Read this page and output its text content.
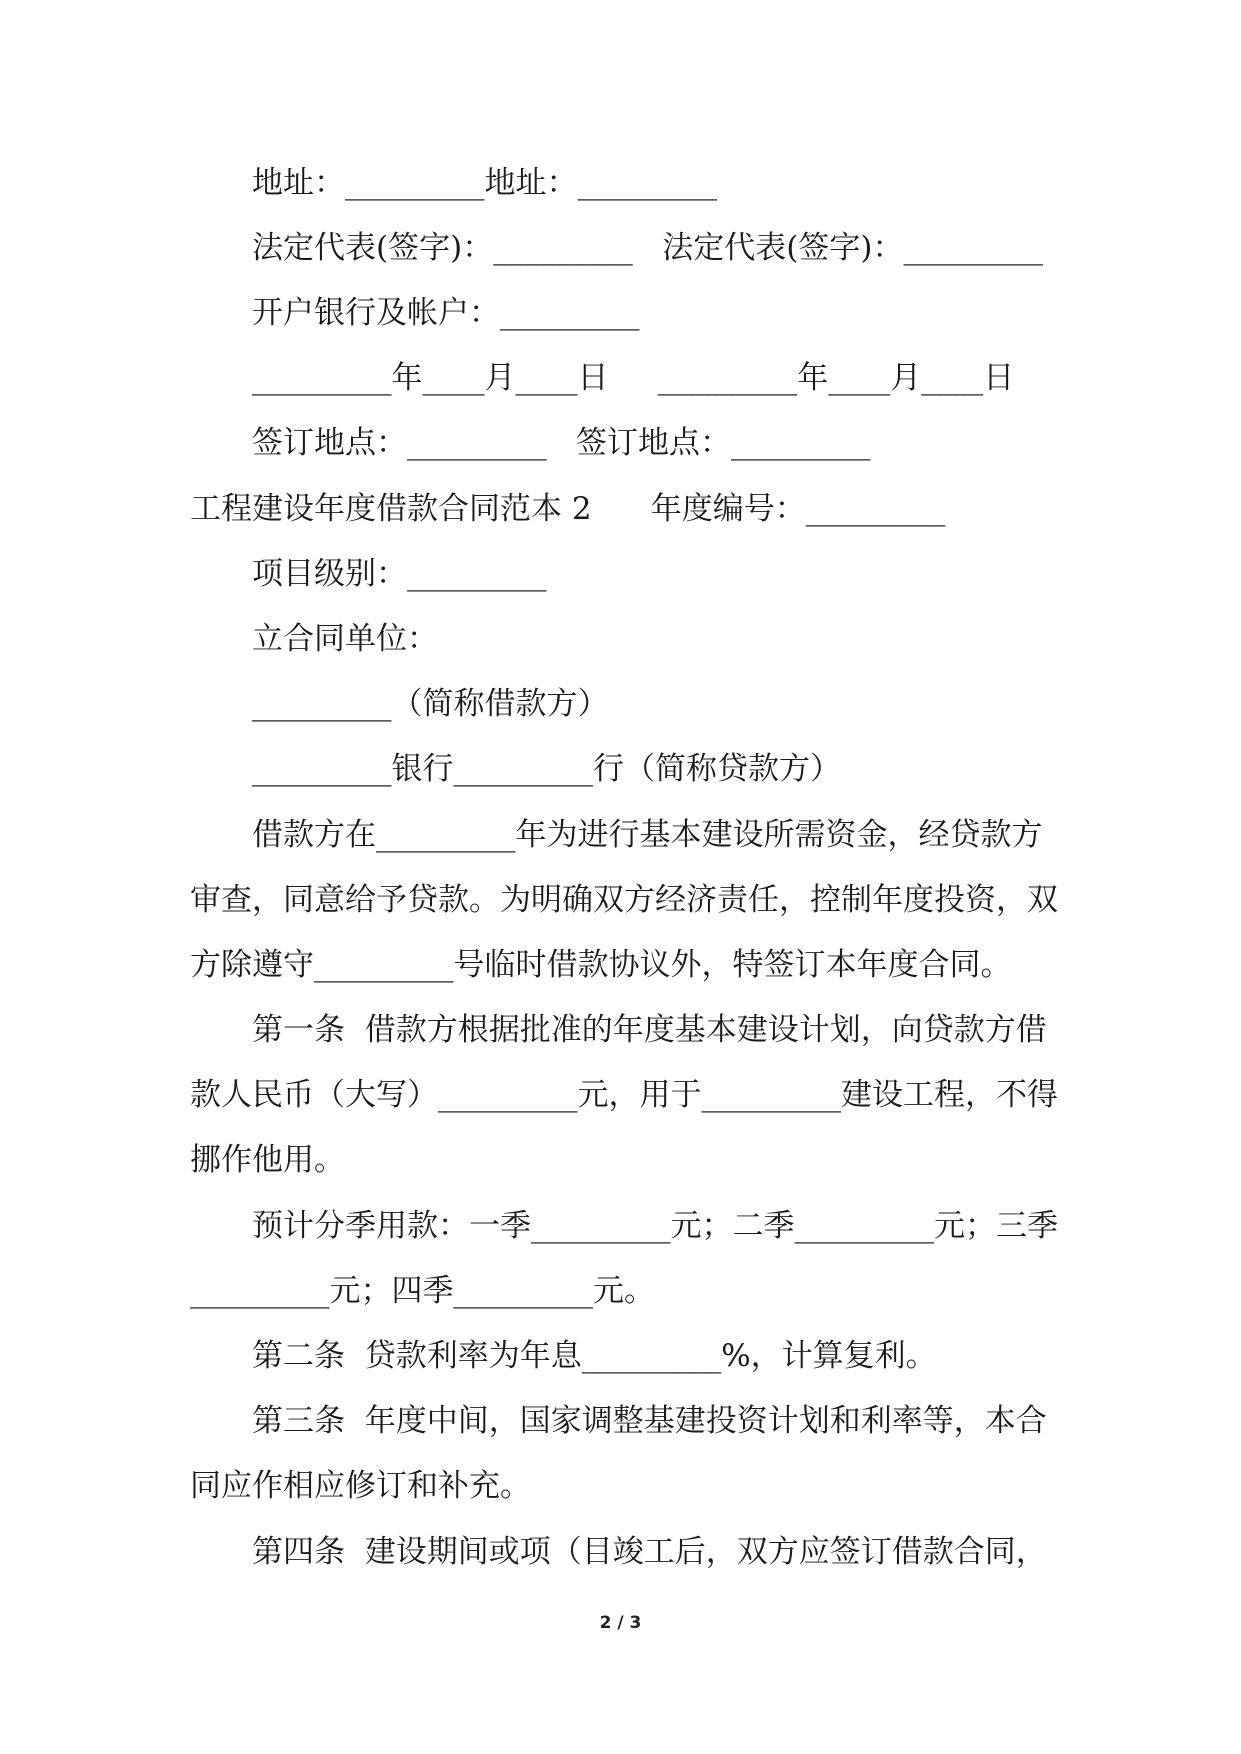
地址：_________地址：_________
法定代表(签字)：_________   法定代表(签字)：_________
开户银行及帐户：_________
_________年____月____日     _________年____月____日
签订地点：_________   签订地点：_________
工程建设年度借款合同范本 2      年度编号：_________
项目级别：_________
立合同单位：
_________（简称借款方）
_________银行_________行（简称贷款方）
借款方在_________年为进行基本建设所需资金，经贷款方
审查，同意给予贷款。为明确双方经济责任，控制年度投资，双
方除遵守_________号临时借款协议外，特签订本年度合同。
第一条  借款方根据批准的年度基本建设计划，向贷款方借
款人民币（大写）_________元，用于_________建设工程，不得
挪作他用。
预计分季用款：一季_________元；二季_________元；三季
_________元；四季_________元。
第二条  贷款利率为年息_________%，计算复利。
第三条  年度中间，国家调整基建投资计划和利率等，本合
同应作相应修订和补充。
第四条  建设期间或项（目竣工后，双方应签订借款合同，
2 / 3
